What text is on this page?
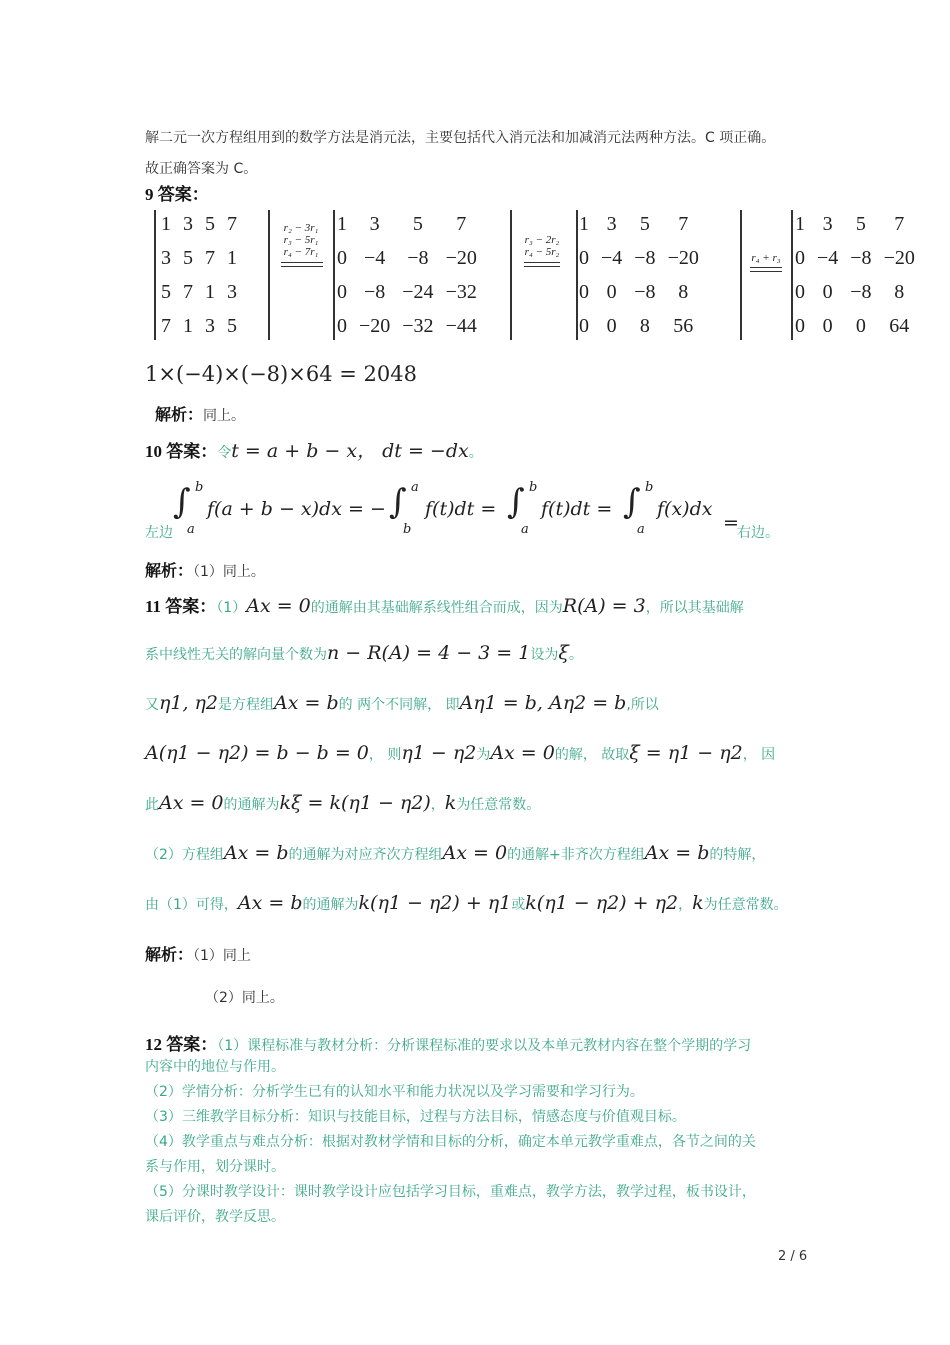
解二元一次方程组用到的数学方法是消元法，主要包括代入消元法和加减消元法两种方法。C 项正确。
故正确答案为 C。
9 答案：
1	3	5	7
3	5	7	1
5	7	1	3
7	1	3	5
r₂ − 3r₁
r₃ − 5r₁
r₄ − 7r₁
1	3	5	7
0	−4	−8	−20
0	−8	−24	−32
0	−20	−32	−44
r₃ − 2r₂
r₄ − 5r₂
1	3	5	7
0	−4	−8	−20
0	0	−8	8
0	0	8	56
r₄ + r₃
1	3	5	7
0	−4	−8	−20
0	0	−8	8
0	0	0	64
1×(−4)×(−8)×64 = 2048
解析：同上。
10 答案：令t = a + b − x， dt = −dx。
左边
∫ b
a
f(a + b − x)dx = − ∫ a
b
f(t)dt = ∫ b
a
f(t)dt = ∫ b
a
f(x)dx
=
右边。
解析：（1）同上。
11 答案：（1）Ax = 0的通解由其基础解系线性组合而成，因为R(A) = 3，所以其基础解
系中线性无关的解向量个数为n − R(A) = 4 − 3 = 1设为ξ。
又η1, η2是方程组Ax = b的 两个不同解， 即Aη1 = b, Aη2 = b,所以
A(η1 − η2) = b − b = 0， 则η1 − η2为Ax = 0的解， 故取ξ = η1 − η2， 因
此Ax = 0的通解为kξ = k(η1 − η2)，k为任意常数。
（2）方程组Ax = b的通解为对应齐次方程组Ax = 0的通解+非齐次方程组Ax = b的特解，
由（1）可得，Ax = b的通解为k(η1 − η2) + η1或k(η1 − η2) + η2，k为任意常数。
解析：（1）同上
（2）同上。
12 答案：（1）课程标准与教材分析：分析课程标准的要求以及本单元教材内容在整个学期的学习
内容中的地位与作用。
（2）学情分析：分析学生已有的认知水平和能力状况以及学习需要和学习行为。
（3）三维教学目标分析：知识与技能目标，过程与方法目标，情感态度与价值观目标。
（4）教学重点与难点分析：根据对教材学情和目标的分析，确定本单元教学重难点，各节之间的关
系与作用，划分课时。
（5）分课时教学设计：课时教学设计应包括学习目标，重难点，教学方法，教学过程，板书设计，
课后评价，教学反思。
2 / 6
